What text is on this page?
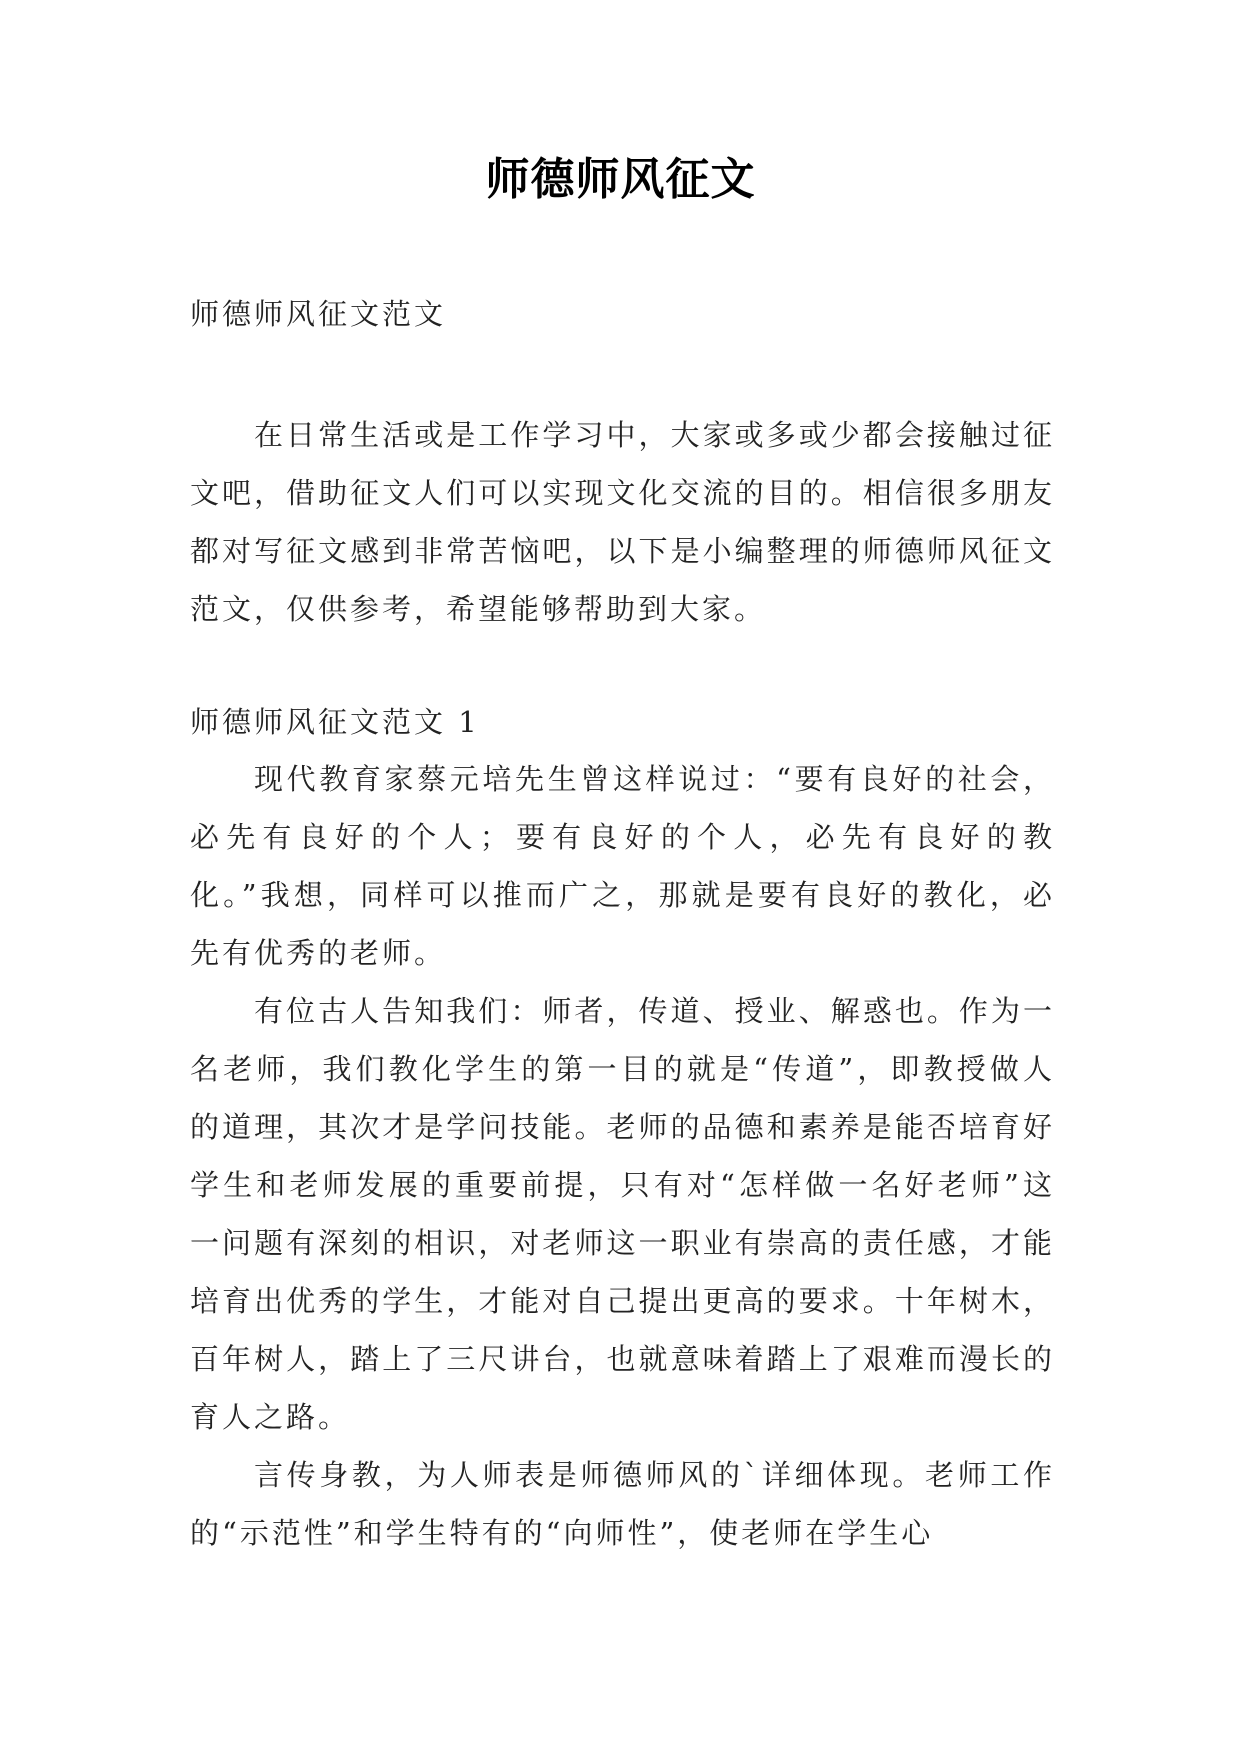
师德师风征文
师德师风征文范文

在日常生活或是工作学习中，大家或多或少都会接触过征文吧，借助征文人们可以实现文化交流的目的。相信很多朋友都对写征文感到非常苦恼吧，以下是小编整理的师德师风征文范文，仅供参考，希望能够帮助到大家。

师德师风征文范文 1

现代教育家蔡元培先生曾这样说过：“要有良好的社会，必先有良好的个人；要有良好的个人，必先有良好的教化。”我想，同样可以推而广之，那就是要有良好的教化，必先有优秀的老师。

有位古人告知我们：师者，传道、授业、解惑也。作为一名老师，我们教化学生的第一目的就是“传道”，即教授做人的道理，其次才是学问技能。老师的品德和素养是能否培育好学生和老师发展的重要前提，只有对“怎样做一名好老师”这一问题有深刻的相识，对老师这一职业有崇高的责任感，才能培育出优秀的学生，才能对自己提出更高的要求。十年树木，百年树人，踏上了三尺讲台，也就意味着踏上了艰难而漫长的育人之路。

言传身教，为人师表是师德师风的`详细体现。老师工作的“示范性”和学生特有的“向师性”，使老师在学生心
